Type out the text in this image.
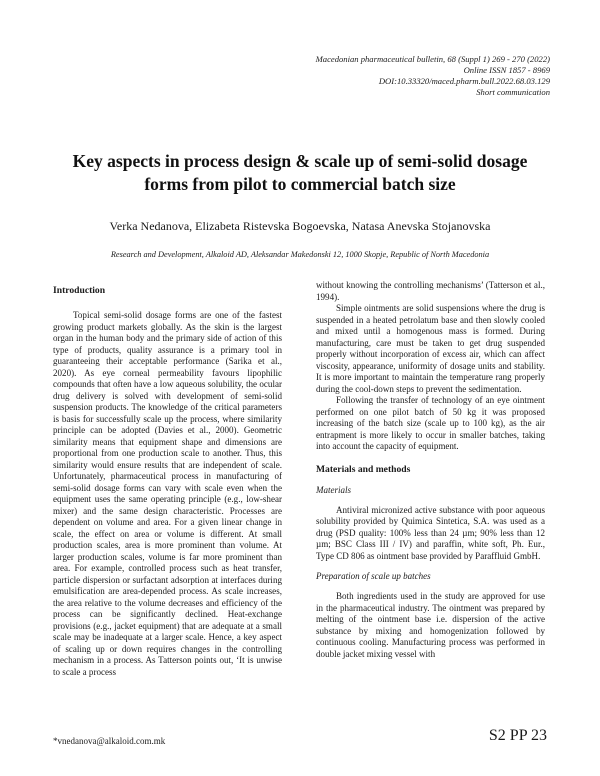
Macedonian pharmaceutical bulletin, 68 (Suppl 1) 269 - 270 (2022)
Online ISSN 1857 - 8969
DOI:10.33320/maced.pharm.bull.2022.68.03.129
Short communication
Key aspects in process design & scale up of semi-solid dosage
forms from pilot to commercial batch size
Verka Nedanova, Elizabeta Ristevska Bogoevska, Natasa Anevska Stojanovska
Research and Development, Alkaloid AD, Aleksandar Makedonski 12, 1000 Skopje, Republic of North Macedonia
Introduction

Topical semi-solid dosage forms are one of the fastest growing product markets globally. As the skin is the largest organ in the human body and the primary side of action of this type of products, quality assurance is a primary tool in guaranteeing their acceptable performance (Sarika et al., 2020). As eye corneal permeability favours lipophilic compounds that often have a low aqueous solubility, the ocular drug delivery is solved with development of semi-solid suspension products. The knowledge of the critical parameters is basis for successfully scale up the process, where similarity principle can be adopted (Davies et al., 2000). Geometric similarity means that equipment shape and dimensions are proportional from one production scale to another. Thus, this similarity would ensure results that are independent of scale. Unfortunately, pharmaceutical process in manufacturing of semi-solid dosage forms can vary with scale even when the equipment uses the same operating principle (e.g., low-shear mixer) and the same design characteristic. Processes are dependent on volume and area. For a given linear change in scale, the effect on area or volume is different. At small production scales, area is more prominent than volume. At larger production scales, volume is far more prominent than area. For example, controlled process such as heat transfer, particle dispersion or surfactant adsorption at interfaces during emulsification are area-depended process. As scale increases, the area relative to the volume decreases and efficiency of the process can be significantly declined. Heat-exchange provisions (e.g., jacket equipment) that are adequate at a small scale may be inadequate at a larger scale. Hence, a key aspect of scaling up or down requires changes in the controlling mechanism in a process. As Tatterson points out, ‘It is unwise to scale a process

without knowing the controlling mechanisms’ (Tatterson et al., 1994).

Simple ointments are solid suspensions where the drug is suspended in a heated petrolatum base and then slowly cooled and mixed until a homogenous mass is formed. During manufacturing, care must be taken to get drug suspended properly without incorporation of excess air, which can affect viscosity, appearance, uniformity of dosage units and stability. It is more important to maintain the temperature rang properly during the cool-down steps to prevent the sedimentation.

Following the transfer of technology of an eye ointment performed on one pilot batch of 50 kg it was proposed increasing of the batch size (scale up to 100 kg), as the air entrapment is more likely to occur in smaller batches, taking into account the capacity of equipment.

Materials and methods
Materials

Antiviral micronized active substance with poor aqueous solubility provided by Quimica Sintetica, S.A. was used as a drug (PSD quality: 100% less than 24 µm; 90% less than 12 µm; BSC Class III / IV) and paraffin, white soft, Ph. Eur., Type CD 806 as ointment base provided by Paraffluid GmbH.

Preparation of scale up batches

Both ingredients used in the study are approved for use in the pharmaceutical industry. The ointment was prepared by melting of the ointment base i.e. dispersion of the active substance by mixing and homogenization followed by continuous cooling. Manufacturing process was performed in double jacket mixing vessel with

*vnedanova@alkaloid.com.mk	S2 PP 23
